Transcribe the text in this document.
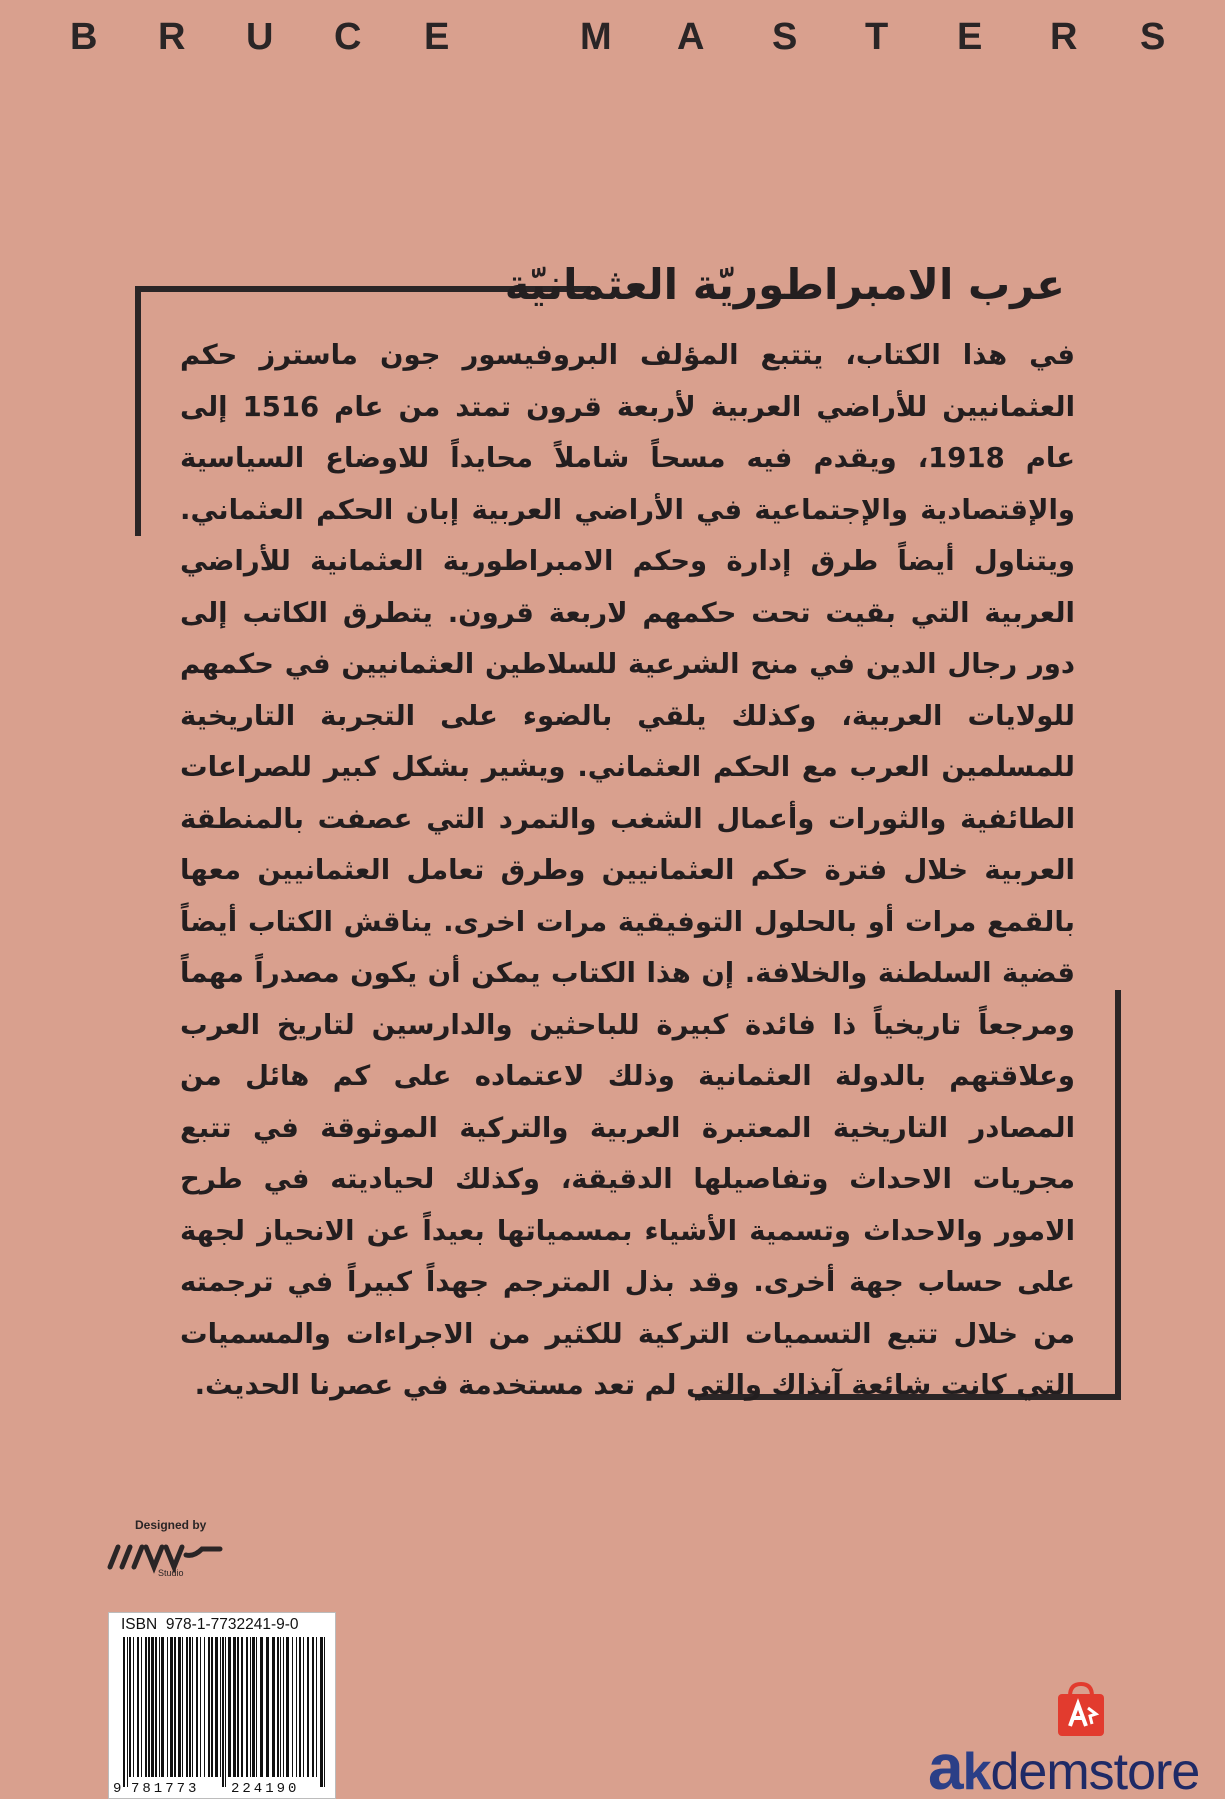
B R U C E	M A S T E R S
عرب الامبراطوريّة العثمانيّة

في هذا الكتاب، يتتبع المؤلف البروفيسور جون ماسترز حكم العثمانيين للأراضي العربية لأربعة قرون تمتد من عام 1516 إلى عام 1918، ويقدم فيه مسحاً شاملاً محايداً للاوضاع السياسية والإقتصادية والإجتماعية في الأراضي العربية إبان الحكم العثماني. ويتناول أيضاً طرق إدارة وحكم الامبراطورية العثمانية للأراضي العربية التي بقيت تحت حكمهم لاربعة قرون. يتطرق الكاتب إلى دور رجال الدين في منح الشرعية للسلاطين العثمانيين في حكمهم للولايات العربية، وكذلك يلقي بالضوء على التجربة التاريخية للمسلمين العرب مع الحكم العثماني. ويشير بشكل كبير للصراعات الطائفية والثورات وأعمال الشغب والتمرد التي عصفت بالمنطقة العربية خلال فترة حكم العثمانيين وطرق تعامل العثمانيين معها بالقمع مرات أو بالحلول التوفيقية مرات اخرى. يناقش الكتاب أيضاً قضية السلطنة والخلافة. إن هذا الكتاب يمكن أن يكون مصدراً مهماً ومرجعاً تاريخياً ذا فائدة كبيرة للباحثين والدارسين لتاريخ العرب وعلاقتهم بالدولة العثمانية وذلك لاعتماده على كم هائل من المصادر التاريخية المعتبرة العربية والتركية الموثوقة في تتبع مجريات الاحداث وتفاصيلها الدقيقة، وكذلك لحياديته في طرح الامور والاحداث وتسمية الأشياء بمسمياتها بعيداً عن الانحياز لجهة على حساب جهة أخرى. وقد بذل المترجم جهداً كبيراً في ترجمته من خلال تتبع التسميات التركية للكثير من الاجراءات والمسميات التي كانت شائعة آنذاك والتي لم تعد مستخدمة في عصرنا الحديث.

Designed by
Studio
ISBN 978-1-7732241-9-0
9 781773 224190	akdemstore
